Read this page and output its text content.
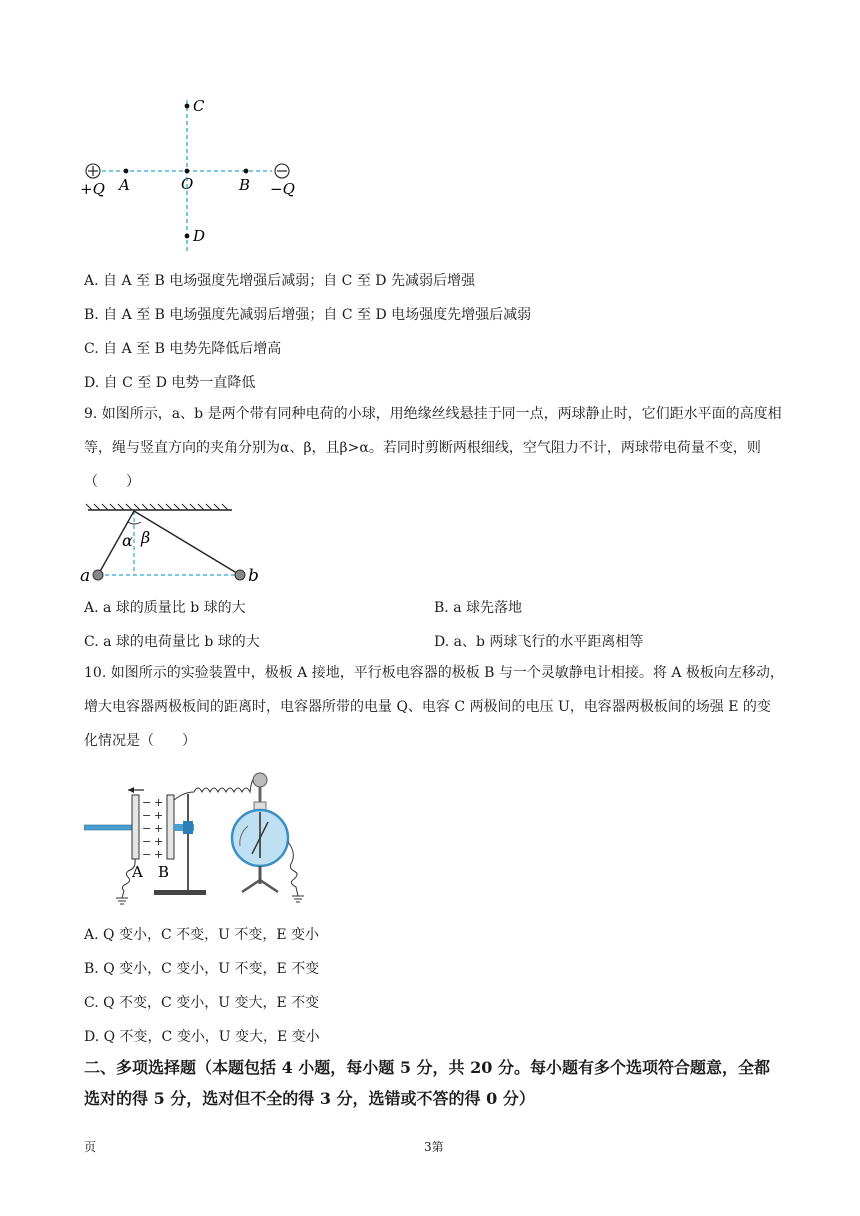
C
D
O
A	B
+Q	−Q
A. 自 A 至 B 电场强度先增强后减弱；自 C 至 D 先减弱后增强
B. 自 A 至 B 电场强度先减弱后增强；自 C 至 D 电场强度先增强后减弱
C. 自 A 至 B 电势先降低后增高
D. 自 C 至 D 电势一直降低
9. 如图所示，a、b 是两个带有同种电荷的小球，用绝缘丝线悬挂于同一点，两球静止时，它们距水平面的高度相等，绳与竖直方向的夹角分别为α、β，且β>α。若同时剪断两根细线，空气阻力不计，两球带电荷量不变，则（　　）
α β
a	b
A. a 球的质量比 b 球的大	B. a 球先落地
C. a 球的电荷量比 b 球的大	D. a、b 两球飞行的水平距离相等
10. 如图所示的实验装置中，极板 A 接地，平行板电容器的极板 B 与一个灵敏静电计相接。将 A 极板向左移动，增大电容器两极板间的距离时，电容器所带的电量 Q、电容 C 两极间的电压 U，电容器两极板间的场强 E 的变化情况是（　　）
−
−
−
−
−
+
+
+
+
+
A B
A. Q 变小，C 不变，U 不变，E 变小
B. Q 变小，C 变小，U 不变，E 不变
C. Q 不变，C 变小，U 变大，E 不变
D. Q 不变，C 变小，U 变大，E 变小
二、多项选择题（本题包括 4 小题，每小题 5 分，共 20 分。每小题有多个选项符合题意，全都选对的得 5 分，选对但不全的得 3 分，选错或不答的得 0 分）
页	3第
